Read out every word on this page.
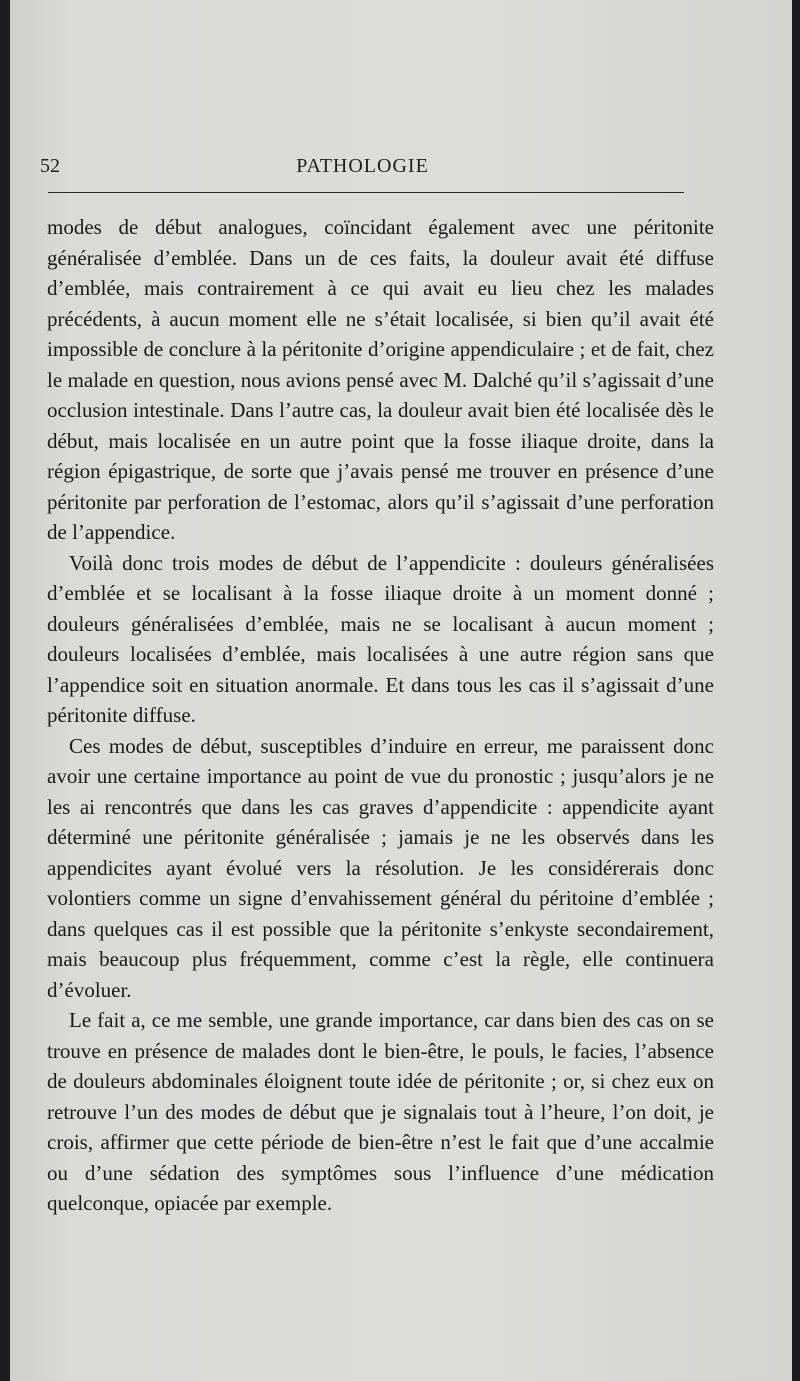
52	PATHOLOGIE

modes de début analogues, coïncidant également avec une péritonite généralisée d’emblée. Dans un de ces faits, la douleur avait été diffuse d’emblée, mais contrairement à ce qui avait eu lieu chez les malades précédents, à aucun moment elle ne s’était localisée, si bien qu’il avait été impossible de conclure à la péritonite d’origine appendiculaire ; et de fait, chez le malade en question, nous avions pensé avec M. Dalché qu’il s’agissait d’une occlusion intestinale. Dans l’autre cas, la douleur avait bien été localisée dès le début, mais localisée en un autre point que la fosse iliaque droite, dans la région épigastrique, de sorte que j’avais pensé me trouver en présence d’une péritonite par perforation de l’estomac, alors qu’il s’agissait d’une perforation de l’appendice.

Voilà donc trois modes de début de l’appendicite : douleurs généralisées d’emblée et se localisant à la fosse iliaque droite à un moment donné ; douleurs généralisées d’emblée, mais ne se localisant à aucun moment ; douleurs localisées d’emblée, mais localisées à une autre région sans que l’appendice soit en situation anormale. Et dans tous les cas il s’agissait d’une péritonite diffuse.

Ces modes de début, susceptibles d’induire en erreur, me paraissent donc avoir une certaine importance au point de vue du pronostic ; jusqu’alors je ne les ai rencontrés que dans les cas graves d’appendicite : appendicite ayant déterminé une péritonite généralisée ; jamais je ne les observés dans les appendicites ayant évolué vers la résolution. Je les considérerais donc volontiers comme un signe d’envahissement général du péritoine d’emblée ; dans quelques cas il est possible que la péritonite s’enkyste secondairement, mais beaucoup plus fréquemment, comme c’est la règle, elle continuera d’évoluer.

Le fait a, ce me semble, une grande importance, car dans bien des cas on se trouve en présence de malades dont le bien-être, le pouls, le facies, l’absence de douleurs abdominales éloignent toute idée de péritonite ; or, si chez eux on retrouve l’un des modes de début que je signalais tout à l’heure, l’on doit, je crois, affirmer que cette période de bien-être n’est le fait que d’une accalmie ou d’une sédation des symptômes sous l’influence d’une médication quelconque, opiacée par exemple.
